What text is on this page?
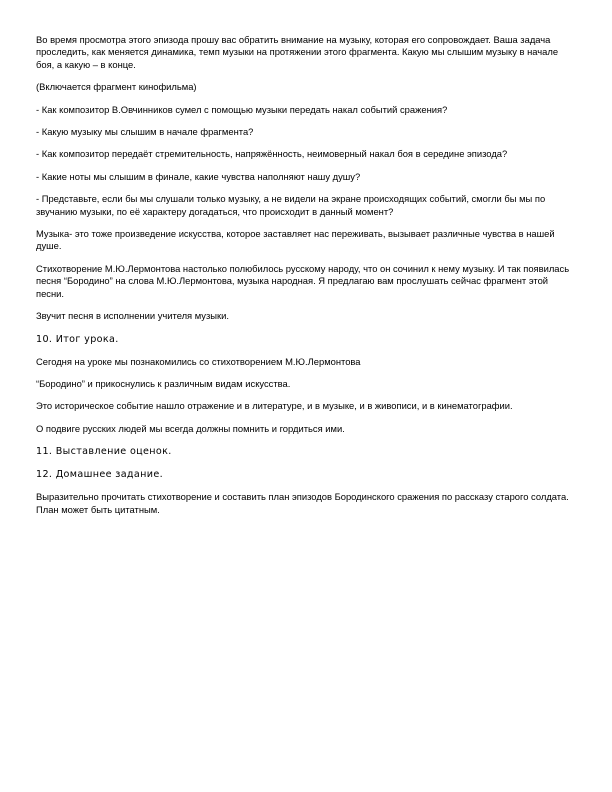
Во время просмотра этого эпизода прошу вас обратить внимание на музыку, которая его сопровождает. Ваша задача проследить, как меняется динамика, темп музыки на протяжении этого фрагмента. Какую мы слышим музыку в начале боя, а какую – в конце.

(Включается фрагмент кинофильма)

- Как композитор В.Овчинников сумел с помощью музыки передать накал событий сражения?

- Какую музыку мы слышим в начале фрагмента?

- Как композитор передаёт стремительность, напряжённость, неимоверный накал боя в середине эпизода?

- Какие ноты мы слышим в финале, какие чувства наполняют нашу душу?

- Представьте, если бы мы слушали только музыку, а не видели на экране происходящих событий, смогли бы мы по звучанию музыки, по её характеру догадаться, что происходит в данный момент?

Музыка- это тоже произведение искусства, которое заставляет нас переживать, вызывает различные чувства в нашей душе.

Стихотворение М.Ю.Лермонтова настолько полюбилось русскому народу, что он сочинил к нему музыку. И так появилась песня “Бородино” на слова М.Ю.Лермонтова, музыка народная. Я предлагаю вам прослушать сейчас фрагмент этой песни.

Звучит песня в исполнении учителя музыки.

10. Итог урока.

Сегодня на уроке мы познакомились со стихотворением М.Ю.Лермонтова

“Бородино” и прикоснулись к различным видам искусства.

Это историческое событие нашло отражение и в литературе, и в музыке, и в живописи, и в кинематографии.

О подвиге русских людей мы всегда должны помнить и гордиться ими.

11. Выставление оценок.

12. Домашнее задание.

Выразительно прочитать стихотворение и составить план эпизодов Бородинского сражения по рассказу старого солдата. План может быть цитатным.
